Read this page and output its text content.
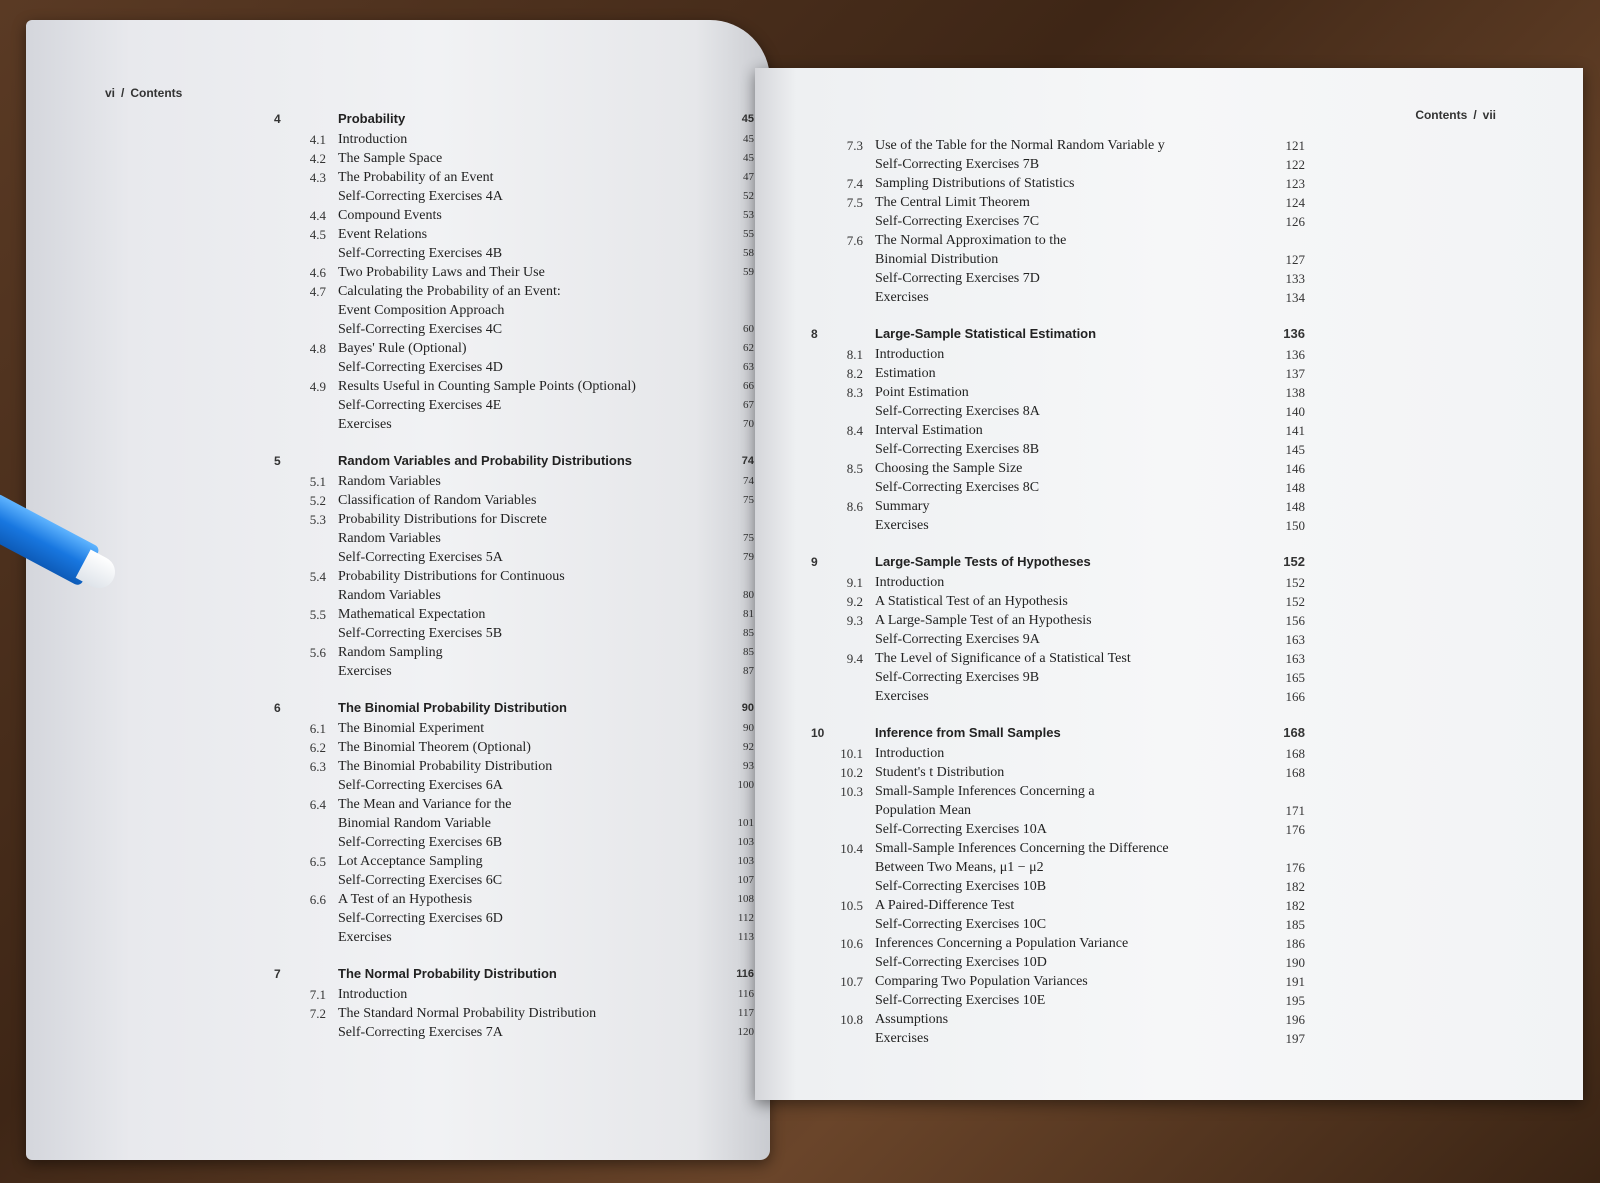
vi / Contents
4	Probability	45
4.1 Introduction	45
4.2 The Sample Space	45
4.3 The Probability of an Event	47
Self-Correcting Exercises 4A	52
4.4 Compound Events	53
4.5 Event Relations	55
Self-Correcting Exercises 4B	58
4.6 Two Probability Laws and Their Use	59
4.7 Calculating the Probability of an Event:
Event Composition Approach
Self-Correcting Exercises 4C	60
4.8 Bayes' Rule (Optional)	62
Self-Correcting Exercises 4D	63
4.9 Results Useful in Counting Sample Points (Optional)	66
Self-Correcting Exercises 4E	67
Exercises	70
5	Random Variables and Probability Distributions	74
5.1 Random Variables	74
5.2 Classification of Random Variables	75
5.3 Probability Distributions for Discrete
Random Variables	75
Self-Correcting Exercises 5A	79
5.4 Probability Distributions for Continuous
Random Variables	80
5.5 Mathematical Expectation	81
Self-Correcting Exercises 5B	85
5.6 Random Sampling	85
Exercises	87
6	The Binomial Probability Distribution	90
6.1 The Binomial Experiment	90
6.2 The Binomial Theorem (Optional)	92
6.3 The Binomial Probability Distribution	93
Self-Correcting Exercises 6A	100
6.4 The Mean and Variance for the
Binomial Random Variable	101
Self-Correcting Exercises 6B	103
6.5 Lot Acceptance Sampling	103
Self-Correcting Exercises 6C	107
6.6 A Test of an Hypothesis	108
Self-Correcting Exercises 6D	112
Exercises	113
7	The Normal Probability Distribution	116
7.1 Introduction	116
7.2 The Standard Normal Probability Distribution	117
Self-Correcting Exercises 7A	120
Contents / vii
7.3 Use of the Table for the Normal Random Variable y	121
Self-Correcting Exercises 7B	122
7.4 Sampling Distributions of Statistics	123
7.5 The Central Limit Theorem	124
Self-Correcting Exercises 7C	126
7.6 The Normal Approximation to the
Binomial Distribution	127
Self-Correcting Exercises 7D	133
Exercises	134
8	Large-Sample Statistical Estimation	136
8.1 Introduction	136
8.2 Estimation	137
8.3 Point Estimation	138
Self-Correcting Exercises 8A	140
8.4 Interval Estimation	141
Self-Correcting Exercises 8B	145
8.5 Choosing the Sample Size	146
Self-Correcting Exercises 8C	148
8.6 Summary	148
Exercises	150
9	Large-Sample Tests of Hypotheses	152
9.1 Introduction	152
9.2 A Statistical Test of an Hypothesis	152
9.3 A Large-Sample Test of an Hypothesis	156
Self-Correcting Exercises 9A	163
9.4 The Level of Significance of a Statistical Test	163
Self-Correcting Exercises 9B	165
Exercises	166
10	Inference from Small Samples	168
10.1 Introduction	168
10.2 Student's t Distribution	168
10.3 Small-Sample Inferences Concerning a
Population Mean	171
Self-Correcting Exercises 10A	176
10.4 Small-Sample Inferences Concerning the Difference
Between Two Means, μ1 − μ2	176
Self-Correcting Exercises 10B	182
10.5 A Paired-Difference Test	182
Self-Correcting Exercises 10C	185
10.6 Inferences Concerning a Population Variance	186
Self-Correcting Exercises 10D	190
10.7 Comparing Two Population Variances	191
Self-Correcting Exercises 10E	195
10.8 Assumptions	196
Exercises	197
